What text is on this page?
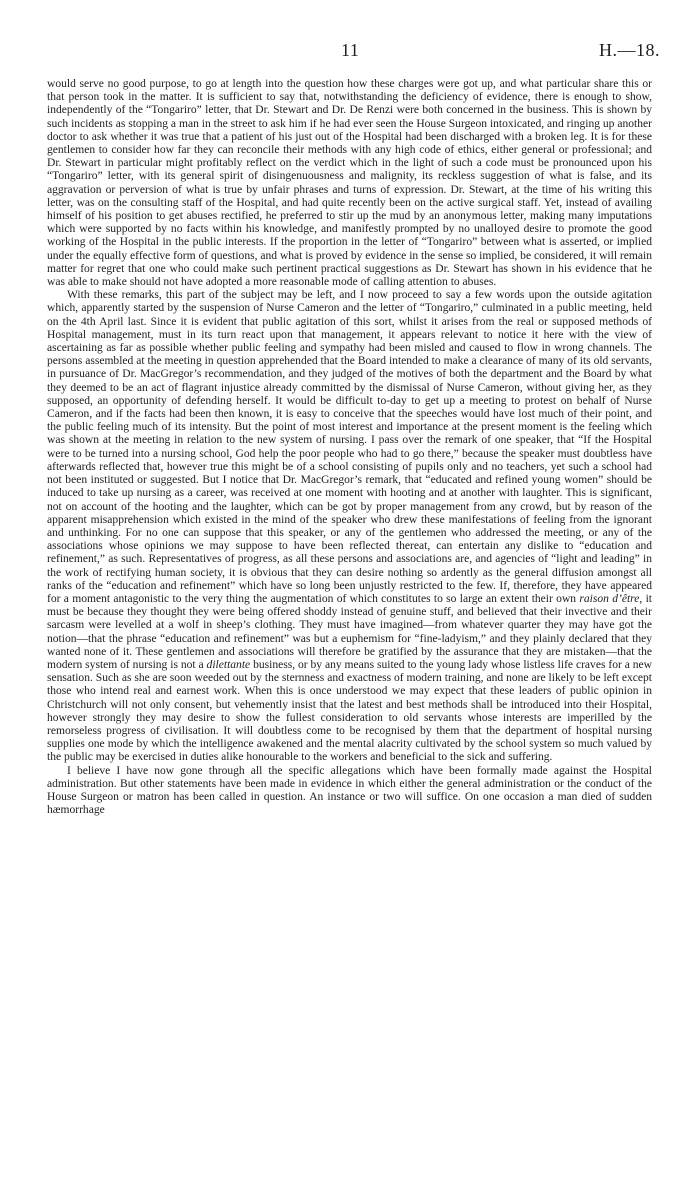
11	H.—18.

would serve no good purpose, to go at length into the question how these charges were got up, and what particular share this or that person took in the matter. It is sufficient to say that, notwithstanding the deficiency of evidence, there is enough to show, independently of the “Tongariro” letter, that Dr. Stewart and Dr. De Renzi were both concerned in the business. This is shown by such incidents as stopping a man in the street to ask him if he had ever seen the House Surgeon intoxicated, and ringing up another doctor to ask whether it was true that a patient of his just out of the Hospital had been discharged with a broken leg. It is for these gentlemen to consider how far they can reconcile their methods with any high code of ethics, either general or professional; and Dr. Stewart in particular might profitably reflect on the verdict which in the light of such a code must be pronounced upon his “Tongariro” letter, with its general spirit of disingenuousness and malignity, its reckless suggestion of what is false, and its aggravation or perversion of what is true by unfair phrases and turns of expression. Dr. Stewart, at the time of his writing this letter, was on the consulting staff of the Hospital, and had quite recently been on the active surgical staff. Yet, instead of availing himself of his position to get abuses rectified, he preferred to stir up the mud by an anonymous letter, making many imputations which were supported by no facts within his knowledge, and manifestly prompted by no unalloyed desire to promote the good working of the Hospital in the public interests. If the proportion in the letter of “Tongariro” between what is asserted, or implied under the equally effective form of questions, and what is proved by evidence in the sense so implied, be considered, it will remain matter for regret that one who could make such pertinent practical suggestions as Dr. Stewart has shown in his evidence that he was able to make should not have adopted a more reasonable mode of calling attention to abuses.

With these remarks, this part of the subject may be left, and I now proceed to say a few words upon the outside agitation which, apparently started by the suspension of Nurse Cameron and the letter of “Tongariro,” culminated in a public meeting, held on the 4th April last. Since it is evident that public agitation of this sort, whilst it arises from the real or supposed methods of Hospital management, must in its turn react upon that management, it appears relevant to notice it here with the view of ascertaining as far as possible whether public feeling and sympathy had been misled and caused to flow in wrong channels. The persons assembled at the meeting in question apprehended that the Board intended to make a clearance of many of its old servants, in pursuance of Dr. MacGregor’s recommendation, and they judged of the motives of both the department and the Board by what they deemed to be an act of flagrant injustice already committed by the dismissal of Nurse Cameron, without giving her, as they supposed, an opportunity of defending herself. It would be difficult to-day to get up a meeting to protest on behalf of Nurse Cameron, and if the facts had been then known, it is easy to conceive that the speeches would have lost much of their point, and the public feeling much of its intensity. But the point of most interest and importance at the present moment is the feeling which was shown at the meeting in relation to the new system of nursing. I pass over the remark of one speaker, that “If the Hospital were to be turned into a nursing school, God help the poor people who had to go there,” because the speaker must doubtless have afterwards reflected that, however true this might be of a school consisting of pupils only and no teachers, yet such a school had not been instituted or suggested. But I notice that Dr. MacGregor’s remark, that “educated and refined young women” should be induced to take up nursing as a career, was received at one moment with hooting and at another with laughter. This is significant, not on account of the hooting and the laughter, which can be got by proper management from any crowd, but by reason of the apparent misapprehension which existed in the mind of the speaker who drew these manifestations of feeling from the ignorant and unthinking. For no one can suppose that this speaker, or any of the gentlemen who addressed the meeting, or any of the associations whose opinions we may suppose to have been reflected thereat, can entertain any dislike to “education and refinement,” as such. Representatives of progress, as all these persons and associations are, and agencies of “light and leading” in the work of rectifying human society, it is obvious that they can desire nothing so ardently as the general diffusion amongst all ranks of the “education and refinement” which have so long been unjustly restricted to the few. If, therefore, they have appeared for a moment antagonistic to the very thing the augmentation of which constitutes to so large an extent their own raison d’être, it must be because they thought they were being offered shoddy instead of genuine stuff, and believed that their invective and their sarcasm were levelled at a wolf in sheep’s clothing. They must have imagined—from whatever quarter they may have got the notion—that the phrase “education and refinement” was but a euphemism for “fine-ladyism,” and they plainly declared that they wanted none of it. These gentlemen and associations will therefore be gratified by the assurance that they are mistaken—that the modern system of nursing is not a dilettante business, or by any means suited to the young lady whose listless life craves for a new sensation. Such as she are soon weeded out by the sternness and exactness of modern training, and none are likely to be left except those who intend real and earnest work. When this is once understood we may expect that these leaders of public opinion in Christchurch will not only consent, but vehemently insist that the latest and best methods shall be introduced into their Hospital, however strongly they may desire to show the fullest consideration to old servants whose interests are imperilled by the remorseless progress of civilisation. It will doubtless come to be recognised by them that the department of hospital nursing supplies one mode by which the intelligence awakened and the mental alacrity cultivated by the school system so much valued by the public may be exercised in duties alike honourable to the workers and beneficial to the sick and suffering.

I believe I have now gone through all the specific allegations which have been formally made against the Hospital administration. But other statements have been made in evidence in which either the general administration or the conduct of the House Surgeon or matron has been called in question. An instance or two will suffice. On one occasion a man died of sudden hæmorrhage
